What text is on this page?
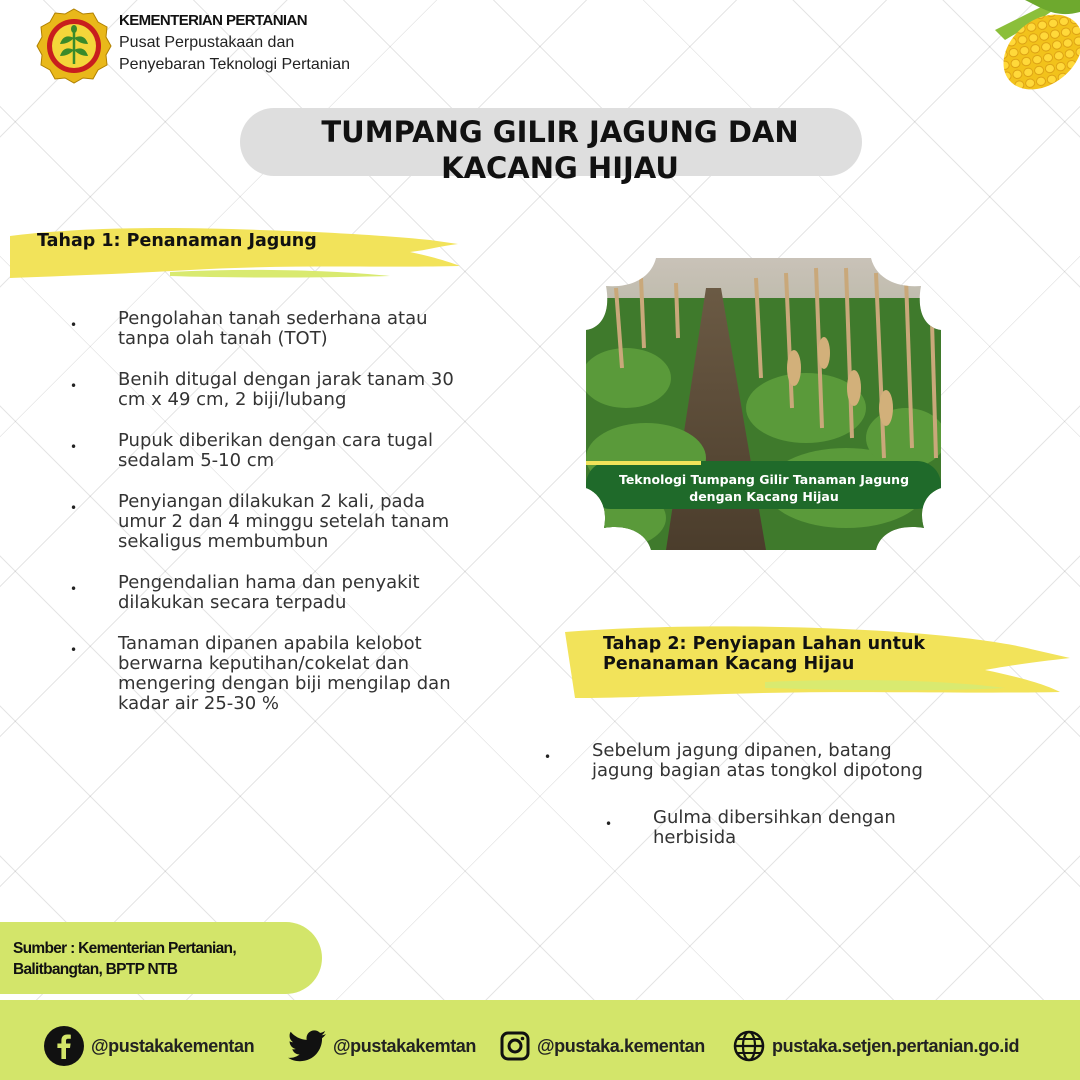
KEMENTERIAN PERTANIAN
Pusat Perpustakaan dan
Penyebaran Teknologi Pertanian
TUMPANG GILIR JAGUNG DAN
KACANG HIJAU
Tahap 1: Penanaman Jagung
• Pengolahan tanah sederhana atau
tanpa olah tanah (TOT)
• Benih ditugal dengan jarak tanam 30
cm x 49 cm, 2 biji/lubang
• Pupuk diberikan dengan cara tugal
sedalam 5-10 cm
• Penyiangan dilakukan 2 kali, pada
umur 2 dan 4 minggu setelah tanam
sekaligus membumbun
• Pengendalian hama dan penyakit
dilakukan secara terpadu
• Tanaman dipanen apabila kelobot
berwarna keputihan/cokelat dan
mengering dengan biji mengilap dan
kadar air 25-30 %
Teknologi Tumpang Gilir Tanaman Jagung
dengan Kacang Hijau
Tahap 2: Penyiapan Lahan untuk
Penanaman Kacang Hijau
• Sebelum jagung dipanen, batang
jagung bagian atas tongkol dipotong
• Gulma dibersihkan dengan
herbisida
Sumber : Kementerian Pertanian,
Balitbangtan, BPTP NTB
@pustakakementan	@pustakakemtan	@pustaka.kementan	pustaka.setjen.pertanian.go.id
